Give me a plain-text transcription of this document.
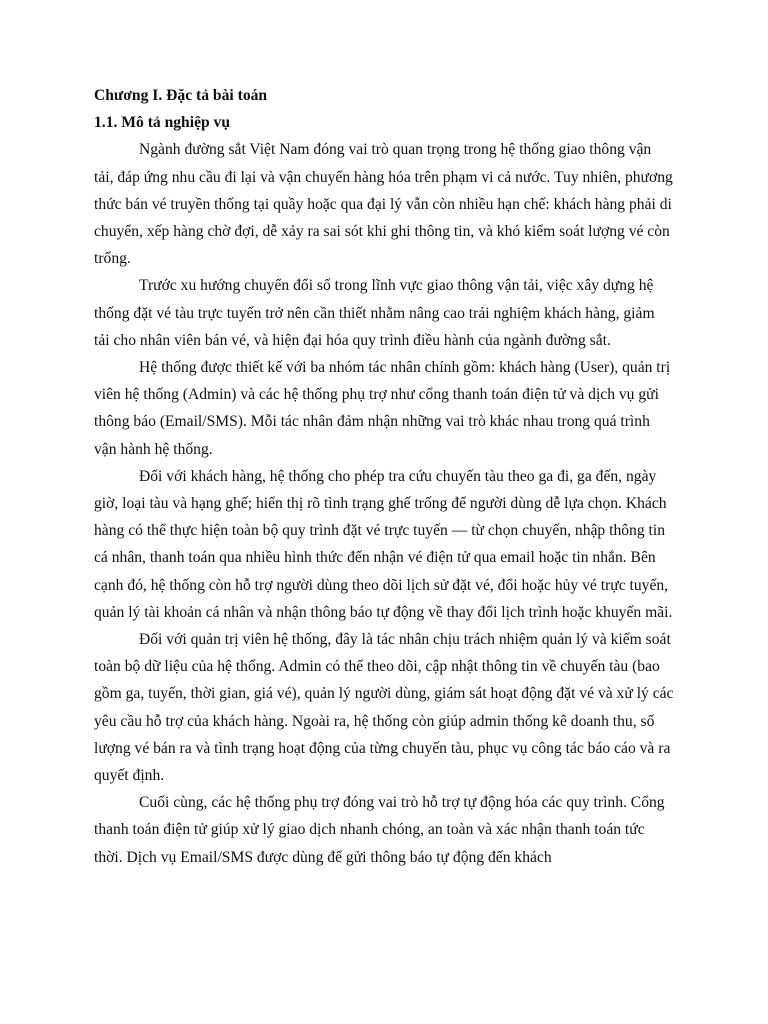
Chương I. Đặc tả bài toán

1.1. Mô tả nghiệp vụ

Ngành đường sắt Việt Nam đóng vai trò quan trọng trong hệ thống giao thông vận tải, đáp ứng nhu cầu đi lại và vận chuyển hàng hóa trên phạm vi cả nước. Tuy nhiên, phương thức bán vé truyền thống tại quầy hoặc qua đại lý vẫn còn nhiều hạn chế: khách hàng phải di chuyển, xếp hàng chờ đợi, dễ xảy ra sai sót khi ghi thông tin, và khó kiểm soát lượng vé còn trống.

Trước xu hướng chuyển đổi số trong lĩnh vực giao thông vận tải, việc xây dựng hệ thống đặt vé tàu trực tuyến trở nên cần thiết nhằm nâng cao trải nghiệm khách hàng, giảm tải cho nhân viên bán vé, và hiện đại hóa quy trình điều hành của ngành đường sắt.

Hệ thống được thiết kế với ba nhóm tác nhân chính gồm: khách hàng (User), quản trị viên hệ thống (Admin) và các hệ thống phụ trợ như cổng thanh toán điện tử và dịch vụ gửi thông báo (Email/SMS). Mỗi tác nhân đảm nhận những vai trò khác nhau trong quá trình vận hành hệ thống.

Đối với khách hàng, hệ thống cho phép tra cứu chuyến tàu theo ga đi, ga đến, ngày giờ, loại tàu và hạng ghế; hiển thị rõ tình trạng ghế trống để người dùng dễ lựa chọn. Khách hàng có thể thực hiện toàn bộ quy trình đặt vé trực tuyến — từ chọn chuyến, nhập thông tin cá nhân, thanh toán qua nhiều hình thức đến nhận vé điện tử qua email hoặc tin nhắn. Bên cạnh đó, hệ thống còn hỗ trợ người dùng theo dõi lịch sử đặt vé, đổi hoặc hủy vé trực tuyến, quản lý tài khoản cá nhân và nhận thông báo tự động về thay đổi lịch trình hoặc khuyến mãi.

Đối với quản trị viên hệ thống, đây là tác nhân chịu trách nhiệm quản lý và kiểm soát toàn bộ dữ liệu của hệ thống. Admin có thể theo dõi, cập nhật thông tin về chuyến tàu (bao gồm ga, tuyến, thời gian, giá vé), quản lý người dùng, giám sát hoạt động đặt vé và xử lý các yêu cầu hỗ trợ của khách hàng. Ngoài ra, hệ thống còn giúp admin thống kê doanh thu, số lượng vé bán ra và tình trạng hoạt động của từng chuyến tàu, phục vụ công tác báo cáo và ra quyết định.

Cuối cùng, các hệ thống phụ trợ đóng vai trò hỗ trợ tự động hóa các quy trình. Cổng thanh toán điện tử giúp xử lý giao dịch nhanh chóng, an toàn và xác nhận thanh toán tức thời. Dịch vụ Email/SMS được dùng để gửi thông báo tự động đến khách
